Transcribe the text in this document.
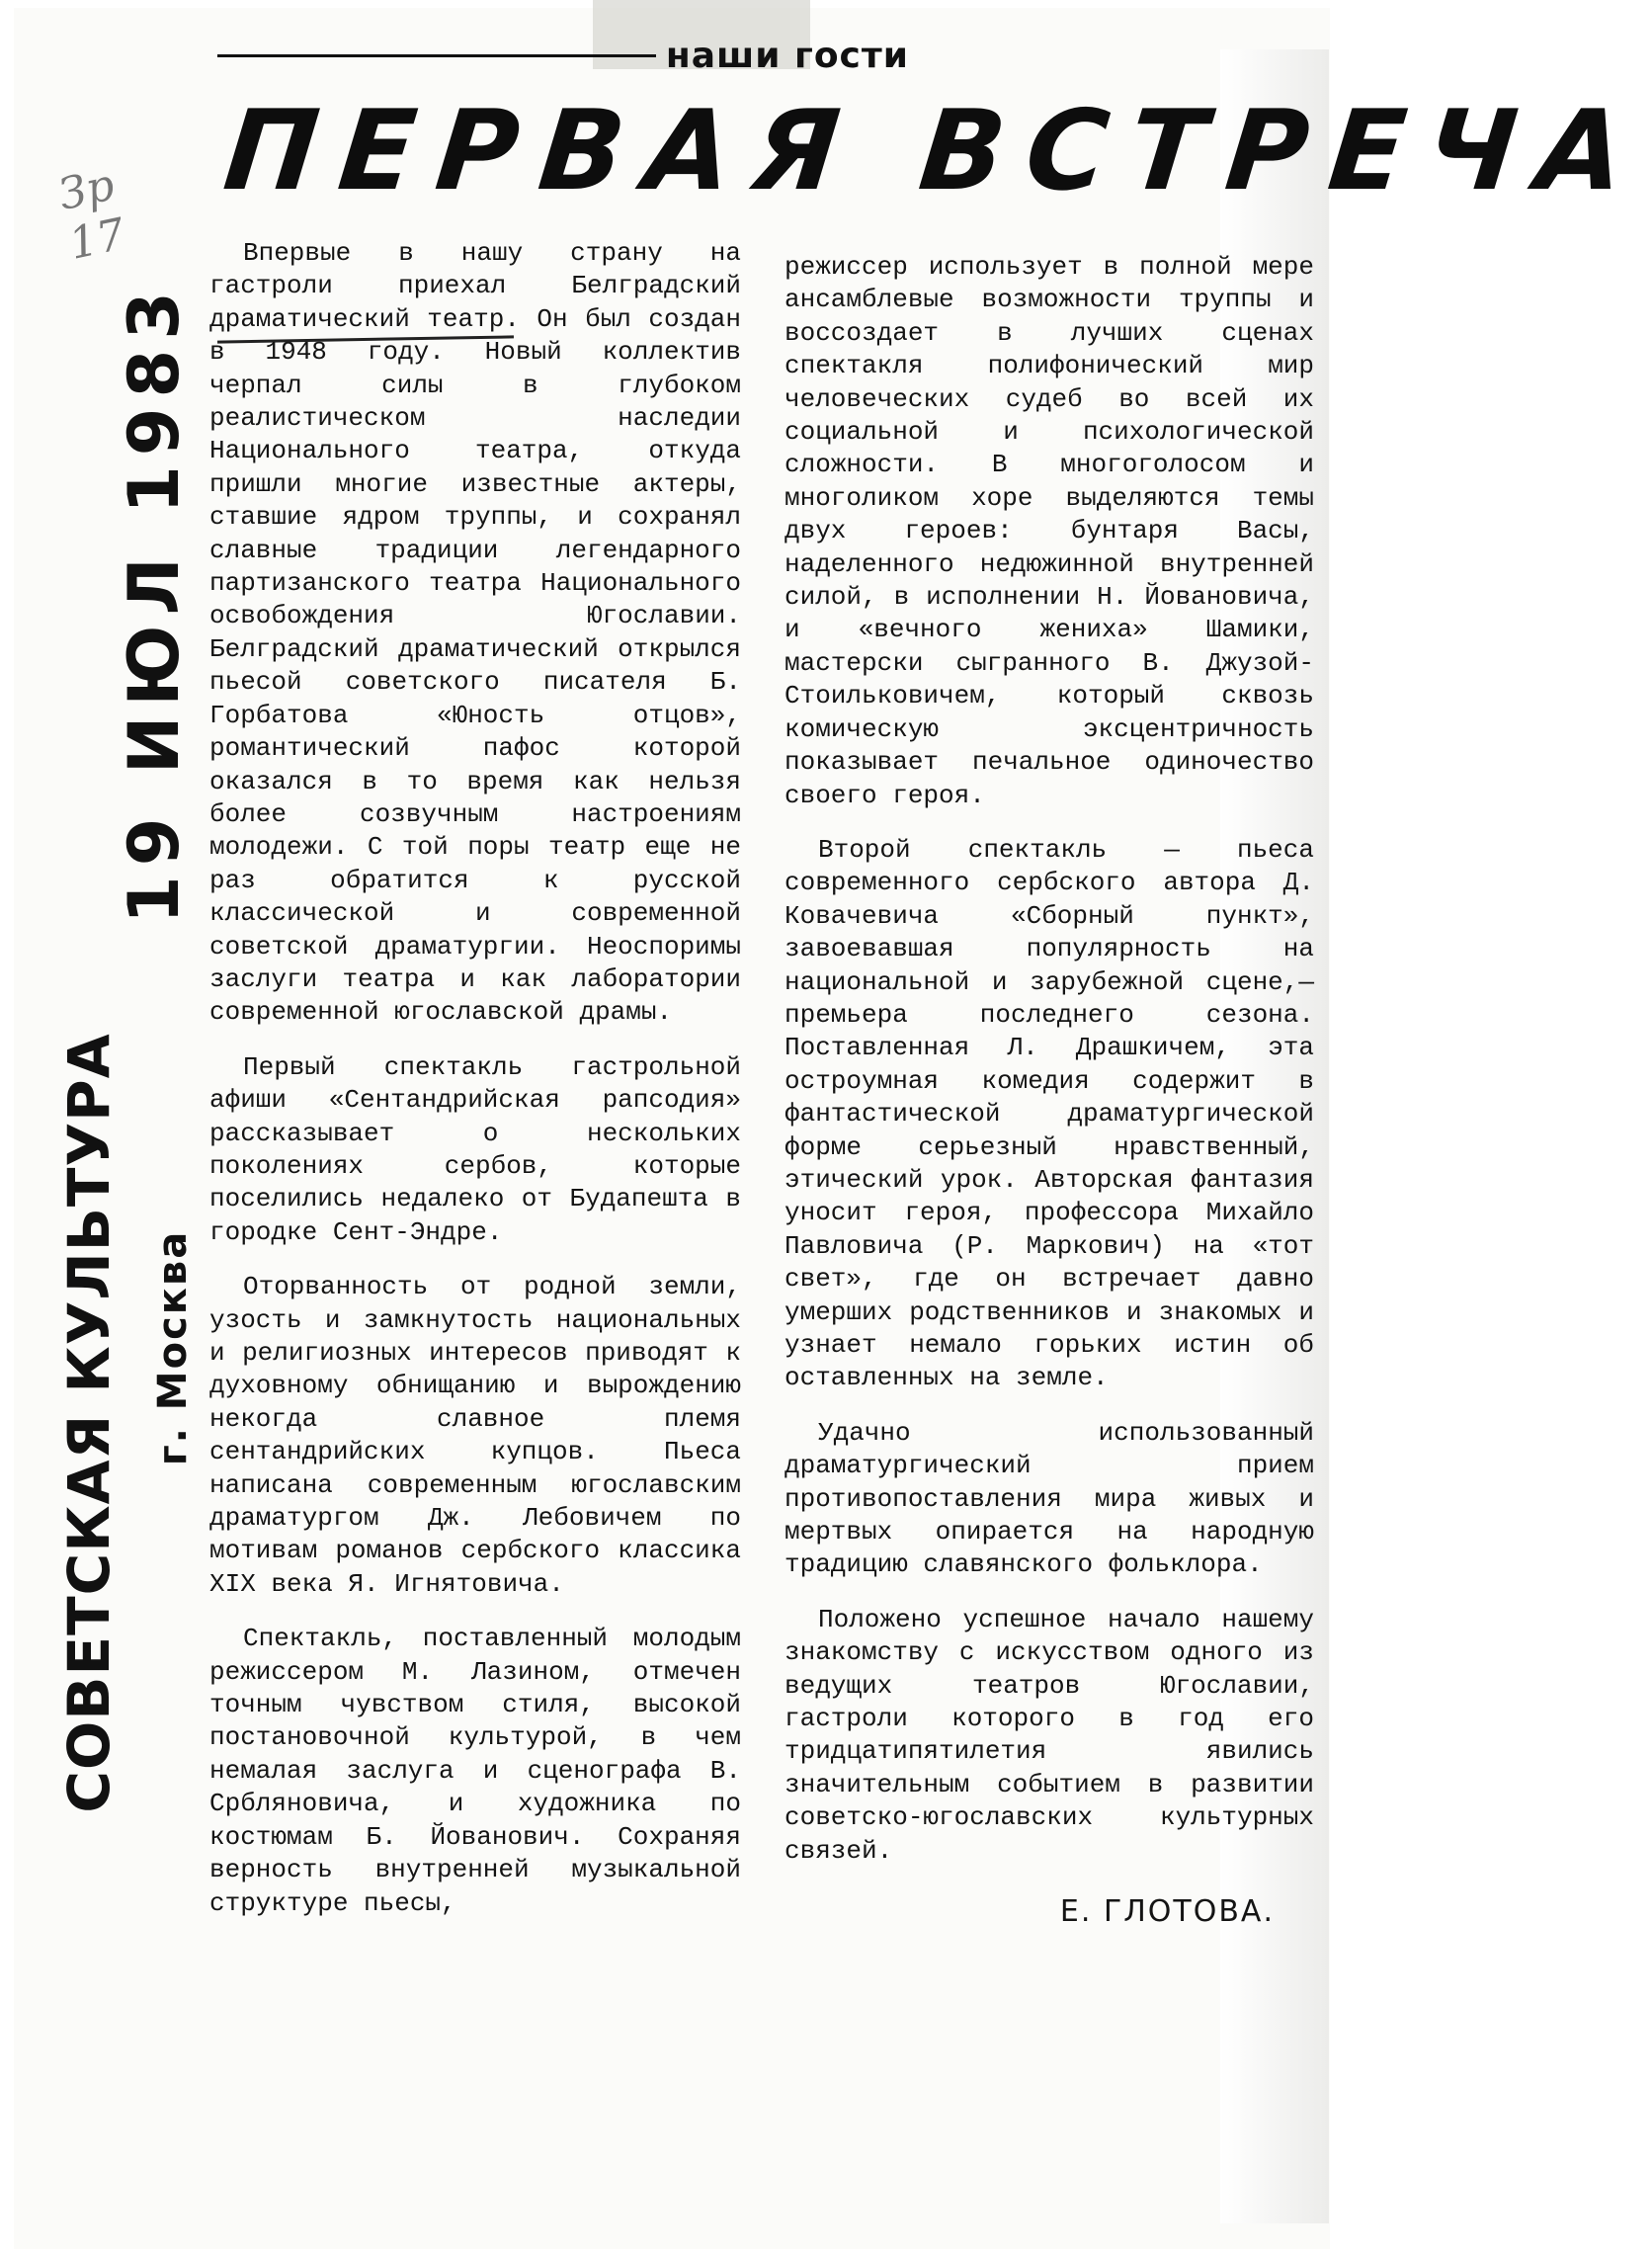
наши гости
ПЕРВАЯ ВСТРЕЧА
Зр 17
19 ИЮЛ 1983
СОВЕТСКАЯ КУЛЬТУРА г. Москва

Впервые в нашу страну на гастроли приехал Белградский драматический театр. Он был создан в 1948 году. Новый коллектив черпал силы в глубоком реалистическом наследии Национального театра, откуда пришли многие известные актеры, ставшие ядром труппы, и сохранял славные традиции легендарного партизанского театра Национального освобождения Югославии. Белградский драматический открылся пьесой советского писателя Б. Горбатова «Юность отцов», романтический пафос которой оказался в то время как нельзя более созвучным настроениям молодежи. С той поры театр еще не раз обратится к русской классической и современной советской драматургии. Неоспоримы заслуги театра и как лаборатории современной югославской драмы.

Первый спектакль гастрольной афиши «Сентандрийская рапсодия» рассказывает о нескольких поколениях сербов, которые поселились недалеко от Будапешта в городке Сент-Эндре.

Оторванность от родной земли, узость и замкнутость национальных и религиозных интересов приводят к духовному обнищанию и вырождению некогда славное племя сентандрийских купцов. Пьеса написана современным югославским драматургом Дж. Лебовичем по мотивам романов сербского классика XIX века Я. Игнятовича.

Спектакль, поставленный молодым режиссером М. Лазином, отмечен точным чувством стиля, высокой постановочной культурой, в чем немалая заслуга и сценографа В. Србляновича, и художника по костюмам Б. Йованович. Сохраняя верность внутренней музыкальной структуре пьесы,

режиссер использует в полной мере ансамблевые возможности труппы и воссоздает в лучших сценах спектакля полифонический мир человеческих судеб во всей их социальной и психологической сложности. В многоголосом и многоликом хоре выделяются темы двух героев: бунтаря Васы, наделенного недюжинной внутренней силой, в исполнении Н. Йовановича, и «вечного жениха» Шамики, мастерски сыгранного В. Джузой-Стоильковичем, который сквозь комическую эксцентричность показывает печальное одиночество своего героя.

Второй спектакль — пьеса современного сербского автора Д. Ковачевича «Сборный пункт», завоевавшая популярность на национальной и зарубежной сцене,— премьера последнего сезона. Поставленная Л. Драшкичем, эта остроумная комедия содержит в фантастической драматургической форме серьезный нравственный, этический урок. Авторская фантазия уносит героя, профессора Михайло Павловича (Р. Маркович) на «тот свет», где он встречает давно умерших родственников и знакомых и узнает немало горьких истин об оставленных на земле.

Удачно использованный драматургический прием противопоставления мира живых и мертвых опирается на народную традицию славянского фольклора.

Положено успешное начало нашему знакомству с искусством одного из ведущих театров Югославии, гастроли которого в год его тридцатипятилетия явились значительным событием в развитии советско-югославских культурных связей.

Е. ГЛОТОВА.
